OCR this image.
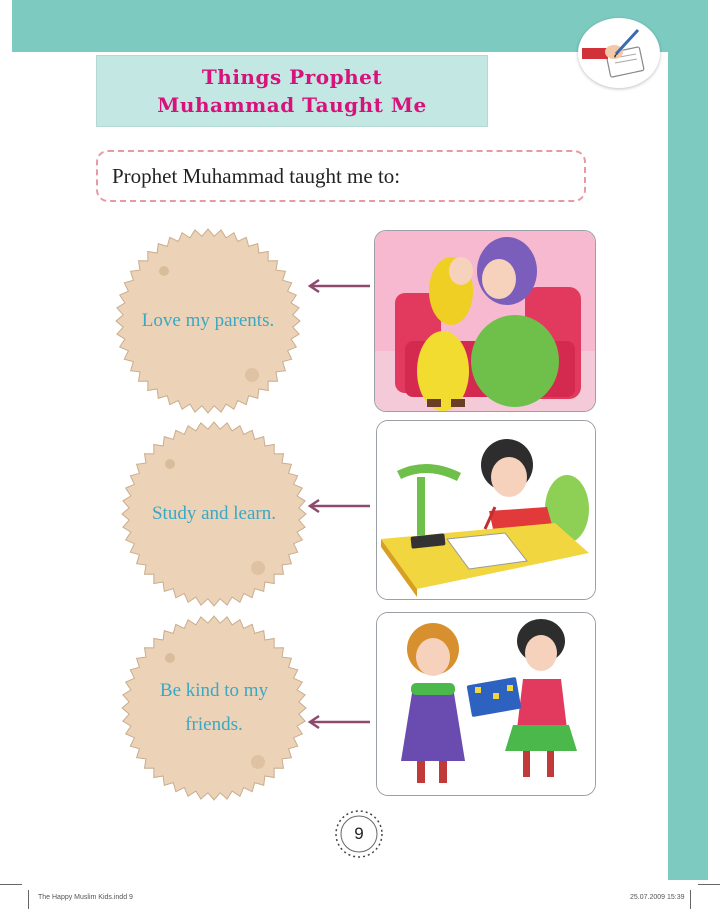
Things Prophet
Muhammad Taught Me
Prophet Muhammad taught me to:
Love my parents.
Study and learn.
Be kind to my
friends.
9
The Happy Muslim Kids.indd 9	25.07.2009 15:39
